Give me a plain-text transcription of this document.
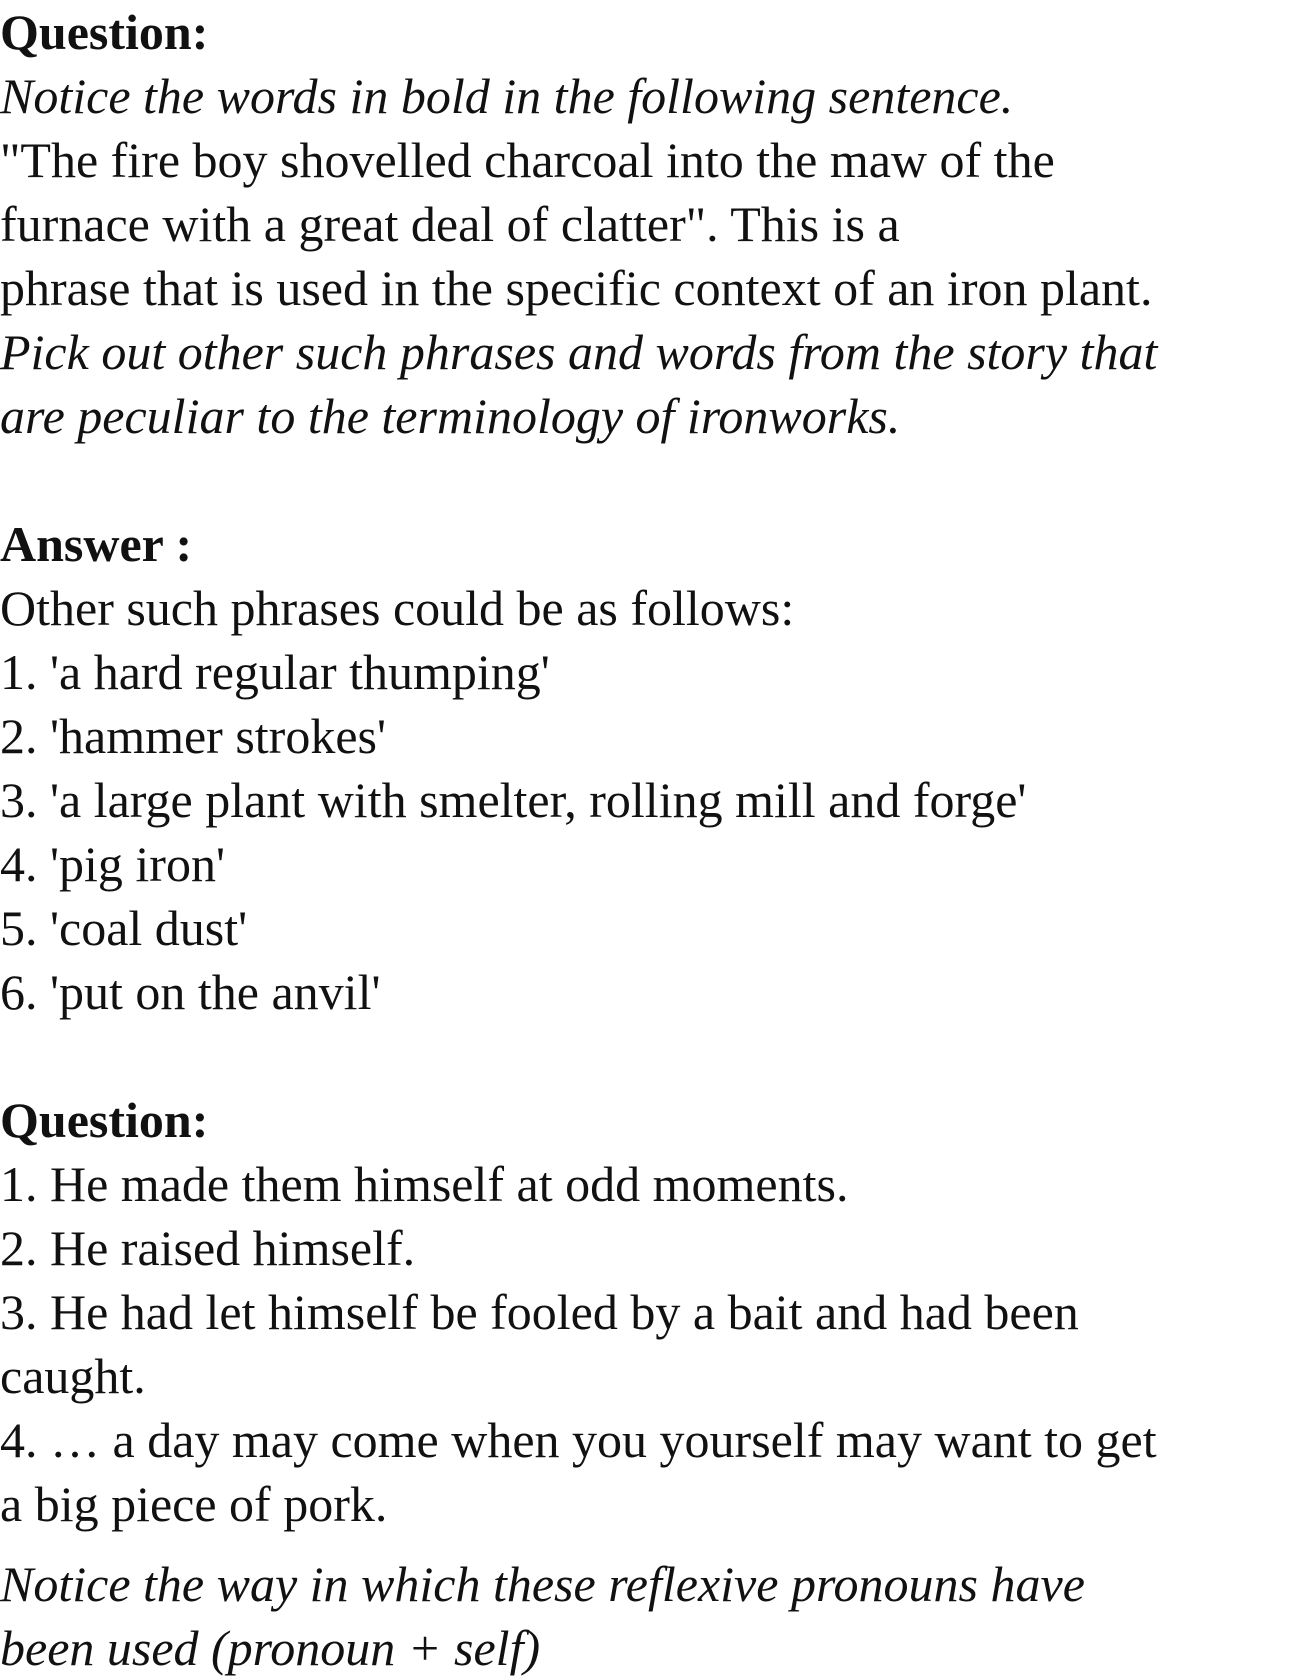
Question:
Notice the words in bold in the following sentence.
"The fire boy shovelled charcoal into the maw of the
furnace with a great deal of clatter". This is a
phrase that is used in the specific context of an iron plant.
Pick out other such phrases and words from the story that
are peculiar to the terminology of ironworks.
Answer :
Other such phrases could be as follows:
1. 'a hard regular thumping'
2. 'hammer strokes'
3. 'a large plant with smelter, rolling mill and forge'
4. 'pig iron'
5. 'coal dust'
6. 'put on the anvil'
Question:
1. He made them himself at odd moments.
2. He raised himself.
3. He had let himself be fooled by a bait and had been
caught.
4. … a day may come when you yourself may want to get
a big piece of pork.
Notice the way in which these reflexive pronouns have
been used (pronoun + self)
